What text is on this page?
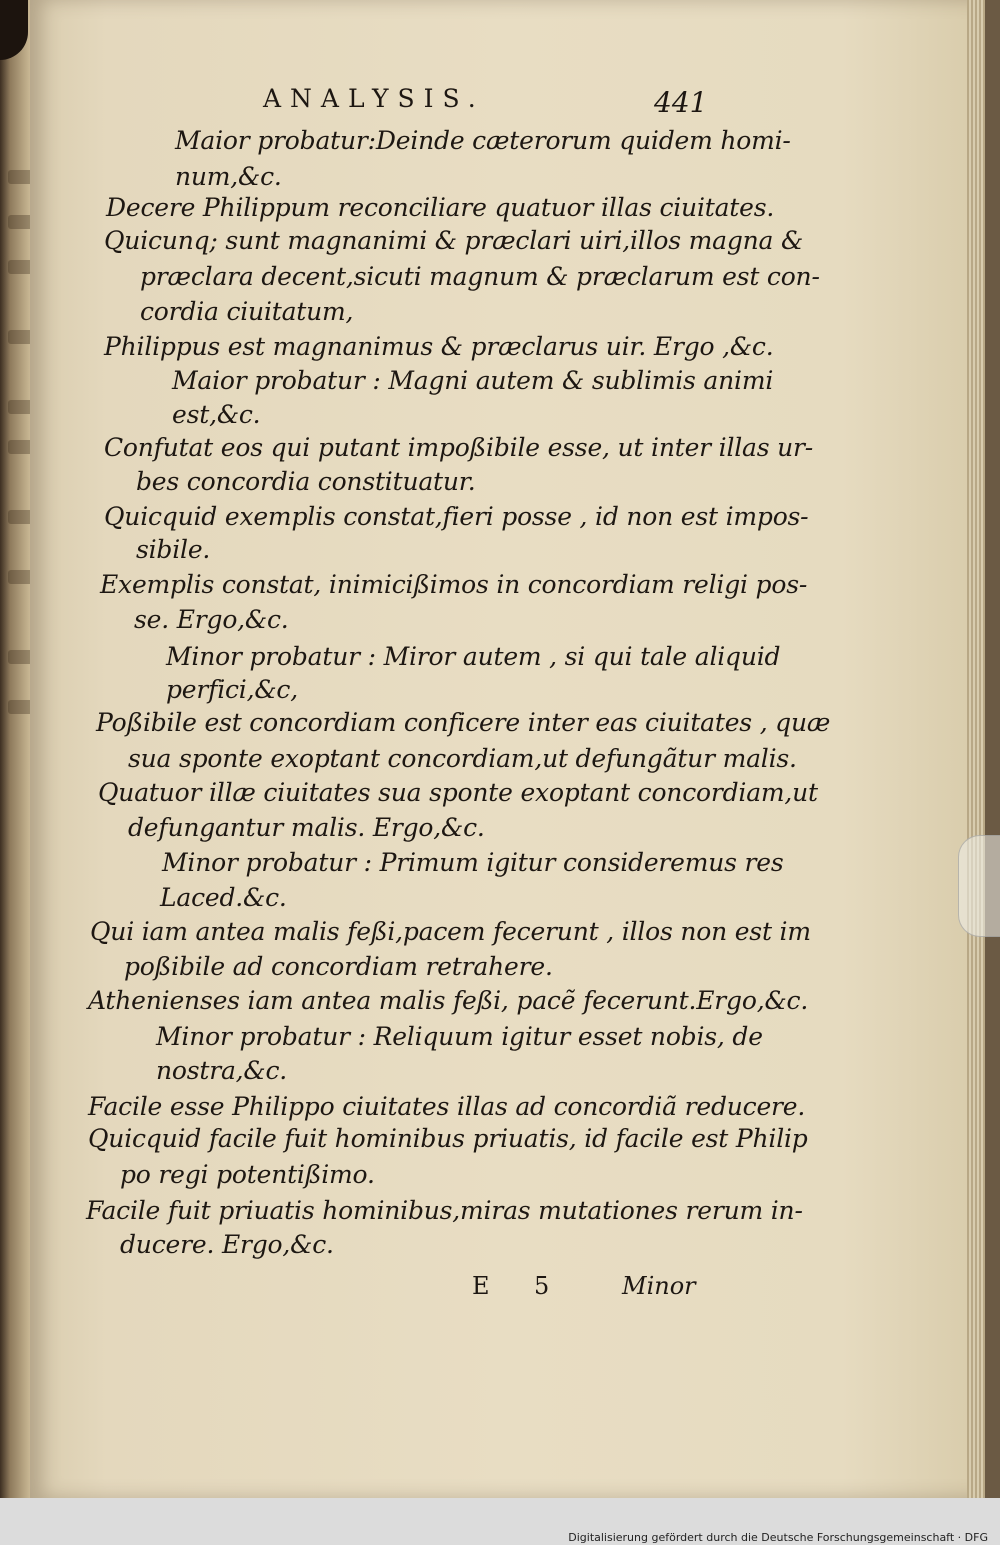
ANALYSIS.	441
Maior probatur:Deinde cæterorum quidem homi-
num,&c.
Decere Philippum reconciliare quatuor illas ciuitates.
Quicunq; sunt magnanimi & præclari uiri,illos magna &
præclara decent,sicuti magnum & præclarum est con-
cordia ciuitatum,
Philippus est magnanimus & præclarus uir. Ergo ,&c.
Maior probatur : Magni autem & sublimis animi
est,&c.
Confutat eos qui putant impoßibile esse, ut inter illas ur-
bes concordia constituatur.
Quicquid exemplis constat,fieri posse , id non est impos-
sibile.
Exemplis constat, inimicißimos in concordiam religi pos-
se. Ergo,&c.
Minor probatur : Miror autem , si qui tale aliquid
perfici,&c,
Poßibile est concordiam conficere inter eas ciuitates , quæ
sua sponte exoptant concordiam,ut defungãtur malis.
Quatuor illæ ciuitates sua sponte exoptant concordiam,ut
defungantur malis. Ergo,&c.
Minor probatur : Primum igitur consideremus res
Laced.&c.
Qui iam antea malis feßi,pacem fecerunt , illos non est im
poßibile ad concordiam retrahere.
Athenienses iam antea malis feßi, pacẽ fecerunt.Ergo,&c.
Minor probatur : Reliquum igitur esset nobis, de
nostra,&c.
Facile esse Philippo ciuitates illas ad concordiã reducere.
Quicquid facile fuit hominibus priuatis, id facile est Philip
po regi potentißimo.
Facile fuit priuatis hominibus,miras mutationes rerum in-
ducere. Ergo,&c.
E 5	Minor
Digitalisierung gefördert durch die Deutsche Forschungsgemeinschaft · DFG
